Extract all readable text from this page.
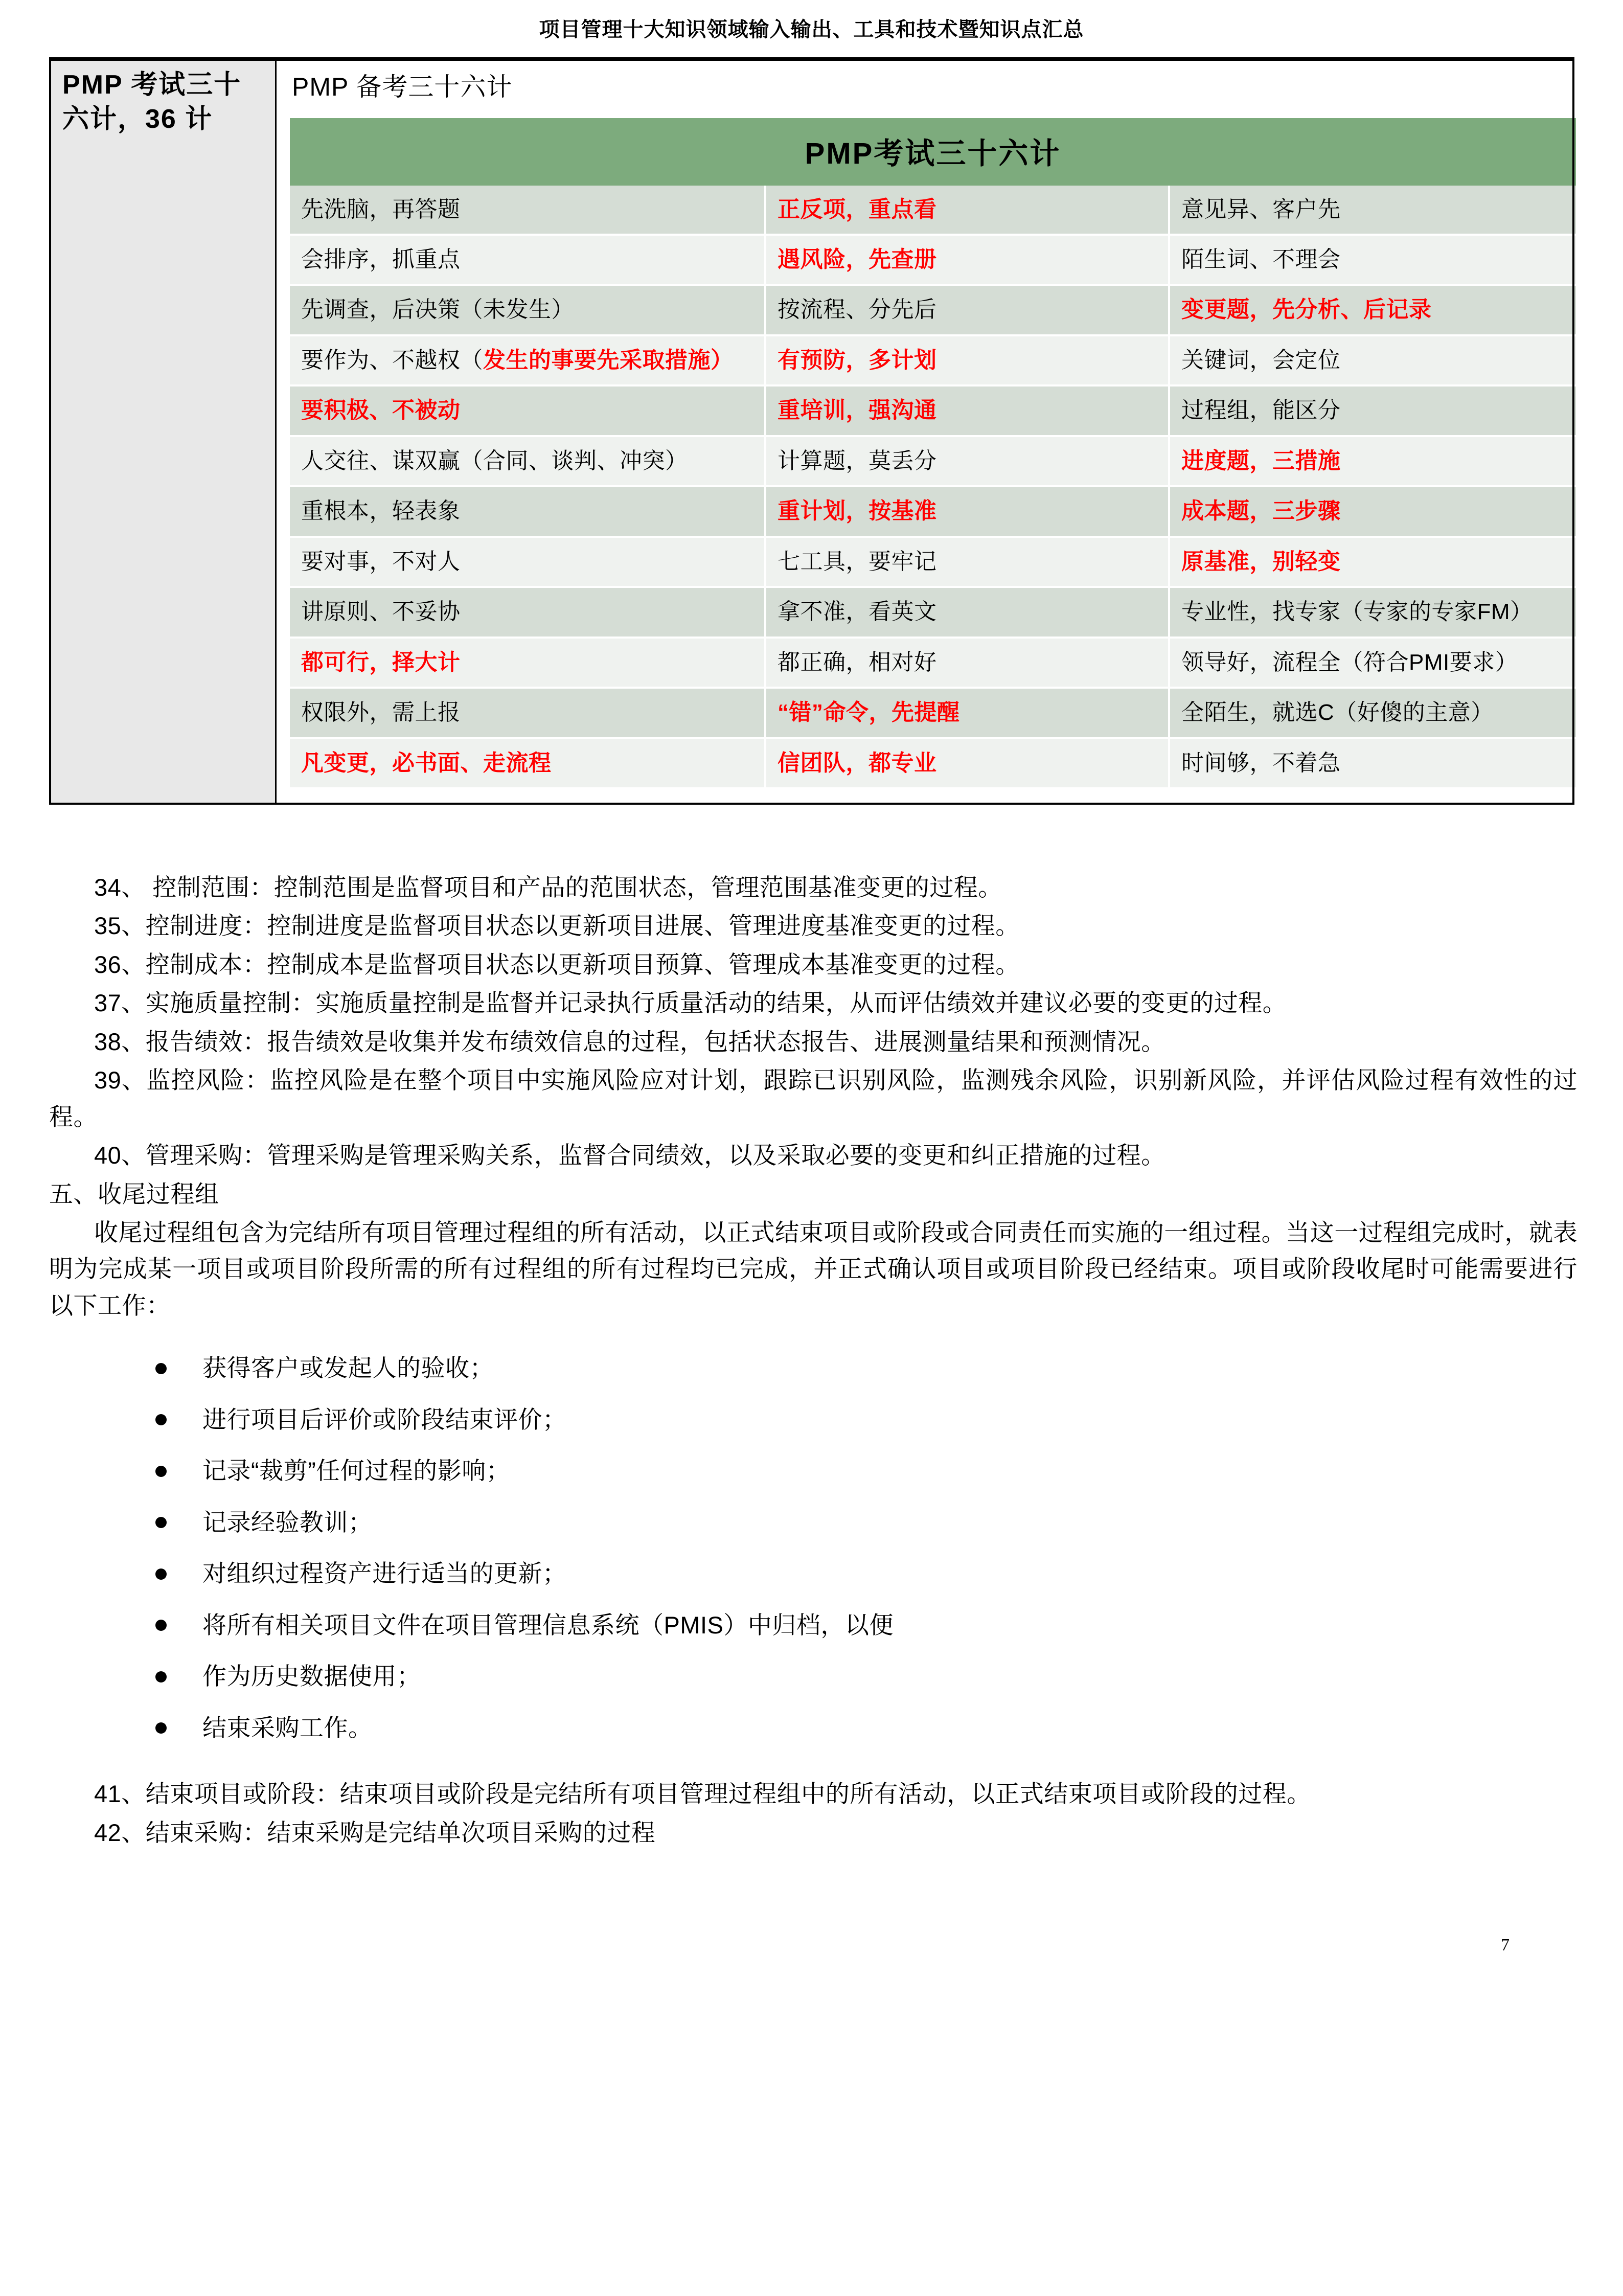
项目管理十大知识领域输入输出、工具和技术暨知识点汇总
PMP 考试三十六计，36 计

PMP 备考三十六计
PMP考试三十六计
先洗脑，再答题	正反项，重点看	意见异、客户先
会排序，抓重点	遇风险，先查册	陌生词、不理会
先调查，后决策（未发生）	按流程、分先后	变更题，先分析、后记录
要作为、不越权（发生的事要先采取措施）	有预防，多计划	关键词，会定位
要积极、不被动	重培训，强沟通	过程组，能区分
人交往、谋双赢（合同、谈判、冲突）	计算题，莫丢分	进度题，三措施
重根本，轻表象	重计划，按基准	成本题，三步骤
要对事，不对人	七工具，要牢记	原基准，别轻变
讲原则、不妥协	拿不准，看英文	专业性，找专家（专家的专家FM）
都可行，择大计	都正确，相对好	领导好，流程全（符合PMI要求）
权限外，需上报	“错”命令，先提醒	全陌生，就选C（好傻的主意）
凡变更，必书面、走流程	信团队，都专业	时间够，不着急

34、 控制范围：控制范围是监督项目和产品的范围状态，管理范围基准变更的过程。

35、控制进度：控制进度是监督项目状态以更新项目进展、管理进度基准变更的过程。

36、控制成本：控制成本是监督项目状态以更新项目预算、管理成本基准变更的过程。

37、实施质量控制：实施质量控制是监督并记录执行质量活动的结果，从而评估绩效并建议必要的变更的过程。

38、报告绩效：报告绩效是收集并发布绩效信息的过程，包括状态报告、进展测量结果和预测情况。

39、监控风险：监控风险是在整个项目中实施风险应对计划，跟踪已识别风险，监测残余风险，识别新风险，并评估风险过程有效性的过程。

40、管理采购：管理采购是管理采购关系，监督合同绩效，以及采取必要的变更和纠正措施的过程。

五、收尾过程组

收尾过程组包含为完结所有项目管理过程组的所有活动，以正式结束项目或阶段或合同责任而实施的一组过程。当这一过程组完成时，就表明为完成某一项目或项目阶段所需的所有过程组的所有过程均已完成，并正式确认项目或项目阶段已经结束。项目或阶段收尾时可能需要进行以下工作：

获得客户或发起人的验收；
进行项目后评价或阶段结束评价；
记录“裁剪”任何过程的影响；
记录经验教训；
对组织过程资产进行适当的更新；
将所有相关项目文件在项目管理信息系统（PMIS）中归档，以便
作为历史数据使用；
结束采购工作。

41、结束项目或阶段：结束项目或阶段是完结所有项目管理过程组中的所有活动，以正式结束项目或阶段的过程。

42、结束采购：结束采购是完结单次项目采购的过程

7
